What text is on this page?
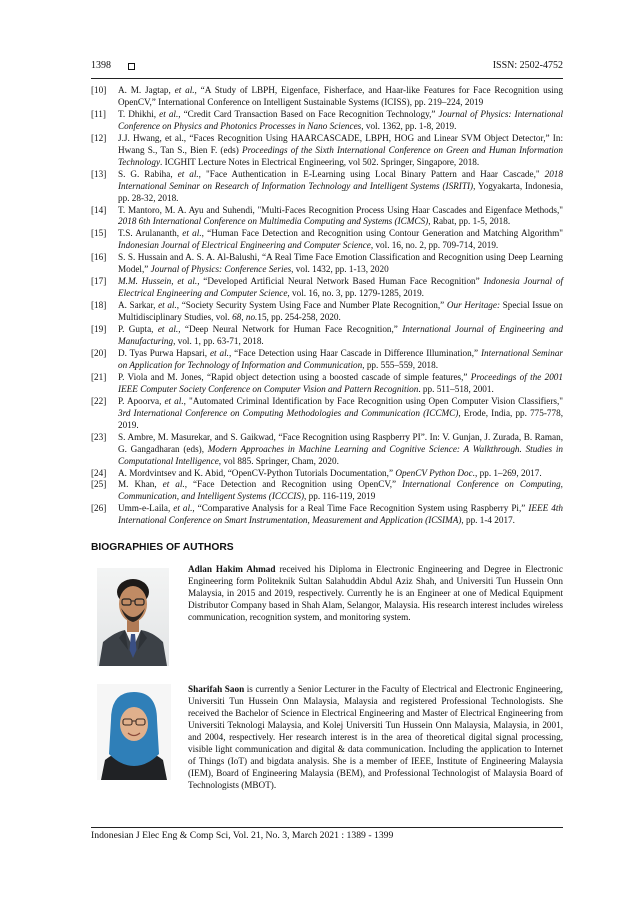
1398	ISSN: 2502-4752
[10] A. M. Jagtap, et al., “A Study of LBPH, Eigenface, Fisherface, and Haar-like Features for Face Recognition using OpenCV,” International Conference on Intelligent Sustainable Systems (ICISS), pp. 219–224, 2019
[11] T. Dhikhi, et al., “Credit Card Transaction Based on Face Recognition Technology,” Journal of Physics: International Conference on Physics and Photonics Processes in Nano Sciences, vol. 1362, pp. 1-8, 2019.
[12] J.J. Hwang, et al., “Faces Recognition Using HAARCASCADE, LBPH, HOG and Linear SVM Object Detector,” In: Hwang S., Tan S., Bien F. (eds) Proceedings of the Sixth International Conference on Green and Human Information Technology. ICGHIT Lecture Notes in Electrical Engineering, vol 502. Springer, Singapore, 2018.
[13] S. G. Rabiha, et al., "Face Authentication in E-Learning using Local Binary Pattern and Haar Cascade," 2018 International Seminar on Research of Information Technology and Intelligent Systems (ISRITI), Yogyakarta, Indonesia, pp. 28-32, 2018.
[14] T. Mantoro, M. A. Ayu and Suhendi, "Multi-Faces Recognition Process Using Haar Cascades and Eigenface Methods," 2018 6th International Conference on Multimedia Computing and Systems (ICMCS), Rabat, pp. 1-5, 2018.
[15] T.S. Arulananth, et al., “Human Face Detection and Recognition using Contour Generation and Matching Algorithm" Indonesian Journal of Electrical Engineering and Computer Science, vol. 16, no. 2, pp. 709-714, 2019.
[16] S. S. Hussain and A. S. A. Al-Balushi, “A Real Time Face Emotion Classification and Recognition using Deep Learning Model,” Journal of Physics: Conference Series, vol. 1432, pp. 1-13, 2020
[17] M.M. Hussein, et al., “Developed Artificial Neural Network Based Human Face Recognition” Indonesia Journal of Electrical Engineering and Computer Science, vol. 16, no. 3, pp. 1279-1285, 2019.
[18] A. Sarkar, et al., “Society Security System Using Face and Number Plate Recognition,” Our Heritage: Special Issue on Multidisciplinary Studies, vol. 68, no.15, pp. 254-258, 2020.
[19] P. Gupta, et al., “Deep Neural Network for Human Face Recognition,” International Journal of Engineering and Manufacturing, vol. 1, pp. 63-71, 2018.
[20] D. Tyas Purwa Hapsari, et al., “Face Detection using Haar Cascade in Difference Illumination,” International Seminar on Application for Technology of Information and Communication, pp. 555–559, 2018.
[21] P. Viola and M. Jones, “Rapid object detection using a boosted cascade of simple features,” Proceedings of the 2001 IEEE Computer Society Conference on Computer Vision and Pattern Recognition. pp. 511–518, 2001.
[22] P. Apoorva, et al., "Automated Criminal Identification by Face Recognition using Open Computer Vision Classifiers," 3rd International Conference on Computing Methodologies and Communication (ICCMC), Erode, India, pp. 775-778, 2019.
[23] S. Ambre, M. Masurekar, and S. Gaikwad, “Face Recognition using Raspberry PI”. In: V. Gunjan, J. Zurada, B. Raman, G. Gangadharan (eds), Modern Approaches in Machine Learning and Cognitive Science: A Walkthrough. Studies in Computational Intelligence, vol 885. Springer, Cham, 2020.
[24] A. Mordvintsev and K. Abid, “OpenCV-Python Tutorials Documentation,” OpenCV Python Doc., pp. 1–269, 2017.
[25] M. Khan, et al., “Face Detection and Recognition using OpenCV,” International Conference on Computing, Communication, and Intelligent Systems (ICCCIS), pp. 116-119, 2019
[26] Umm-e-Laila, et al., “Comparative Analysis for a Real Time Face Recognition System using Raspberry Pi,” IEEE 4th International Conference on Smart Instrumentation, Measurement and Application (ICSIMA), pp. 1-4 2017.
BIOGRAPHIES OF AUTHORS
Adlan Hakim Ahmad received his Diploma in Electronic Engineering and Degree in Electronic Engineering form Politeknik Sultan Salahuddin Abdul Aziz Shah, and Universiti Tun Hussein Onn Malaysia, in 2015 and 2019, respectively. Currently he is an Engineer at one of Medical Equipment Distributor Company based in Shah Alam, Selangor, Malaysia. His research interest includes wireless communication, recognition system, and monitoring system.
Sharifah Saon is currently a Senior Lecturer in the Faculty of Electrical and Electronic Engineering, Universiti Tun Hussein Onn Malaysia, Malaysia and registered Professional Technologists. She received the Bachelor of Science in Electrical Engineering and Master of Electrical Engineering from Universiti Teknologi Malaysia, and Kolej Universiti Tun Hussein Onn Malaysia, Malaysia, in 2001, and 2004, respectively. Her research interest is in the area of theoretical digital signal processing, visible light communication and digital & data communication. Including the application to Internet of Things (IoT) and bigdata analysis. She is a member of IEEE, Institute of Engineering Malaysia (IEM), Board of Engineering Malaysia (BEM), and Professional Technologist of Malaysia Board of Technologists (MBOT).
Indonesian J Elec Eng & Comp Sci, Vol. 21, No. 3, March 2021 : 1389 - 1399
